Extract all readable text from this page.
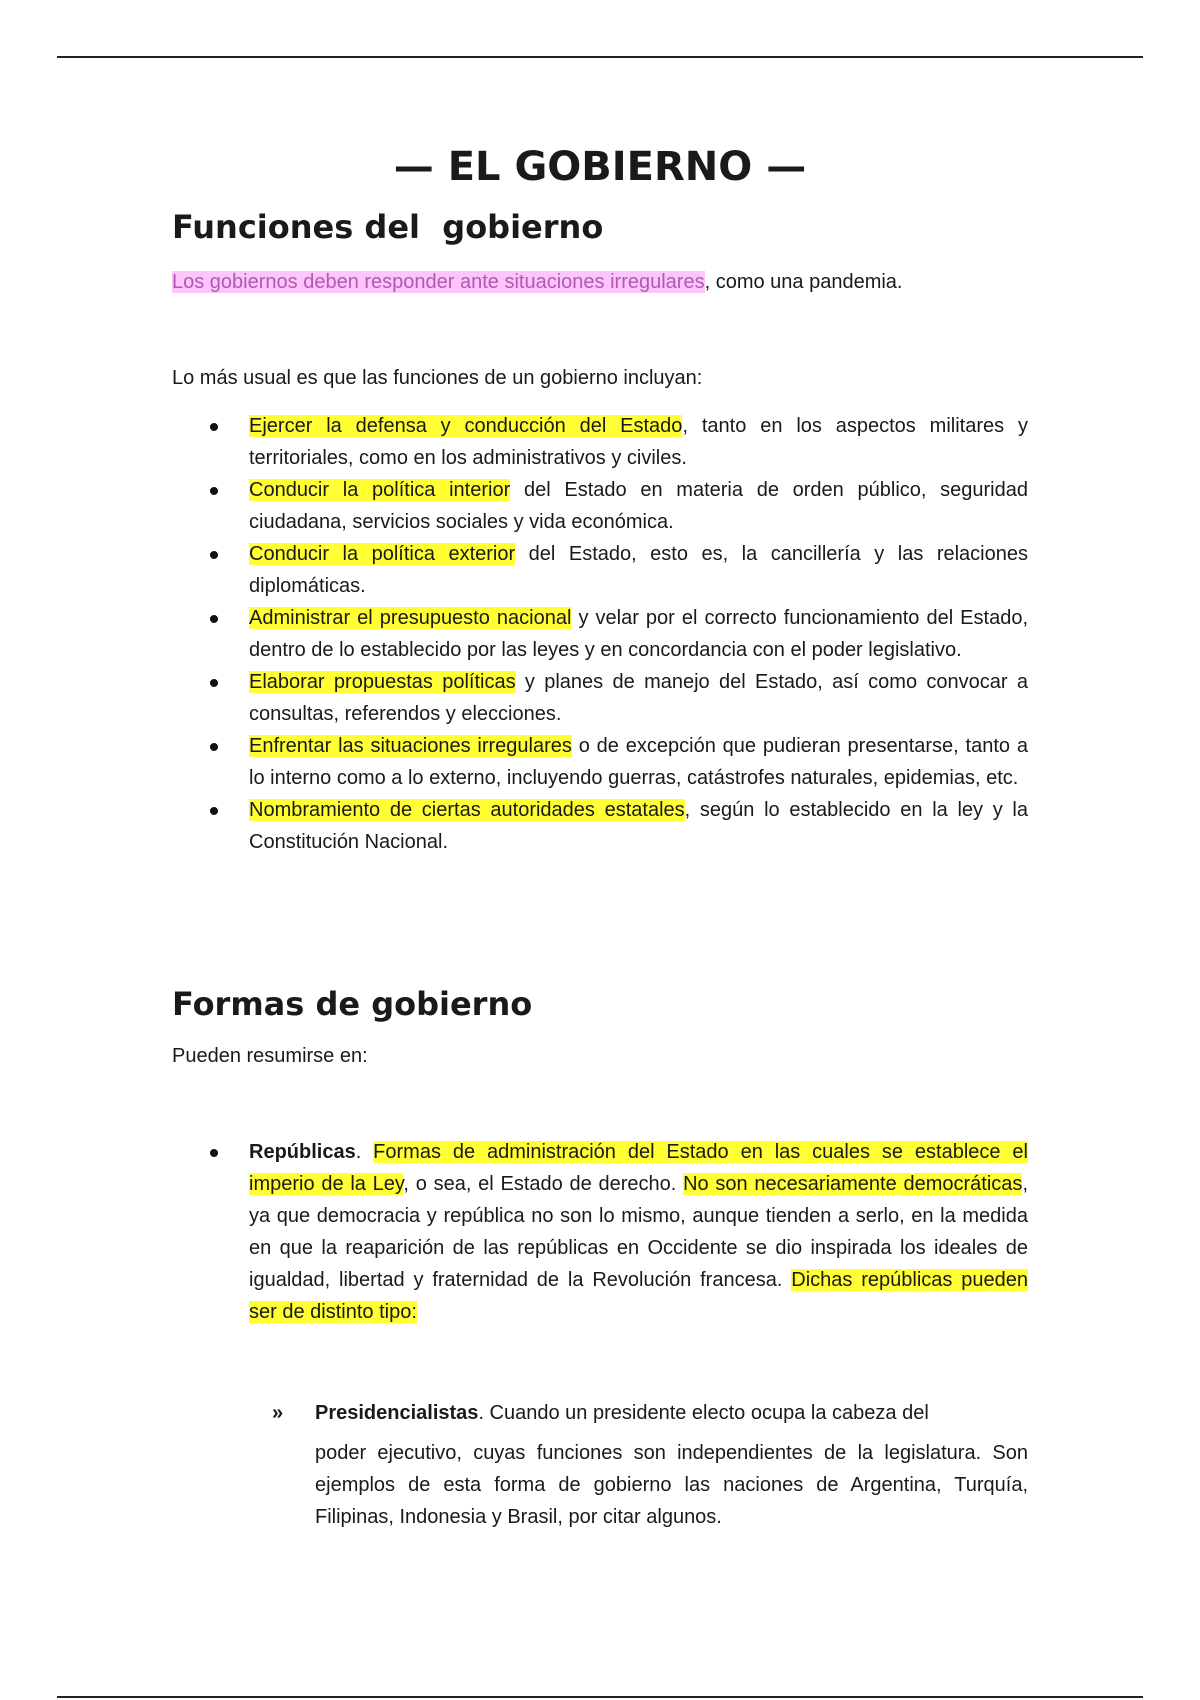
— EL GOBIERNO —
Funciones del  gobierno

Los gobiernos deben responder ante situaciones irregulares, como una pandemia.

Lo más usual es que las funciones de un gobierno incluyan:

Ejercer la defensa y conducción del Estado, tanto en los aspectos militares y territoriales, como en los administrativos y civiles.
Conducir la política interior del Estado en materia de orden público, seguridad ciudadana, servicios sociales y vida económica.
Conducir la política exterior del Estado, esto es, la cancillería y las relaciones diplomáticas.
Administrar el presupuesto nacional y velar por el correcto funcionamiento del Estado, dentro de lo establecido por las leyes y en concordancia con el poder legislativo.
Elaborar propuestas políticas y planes de manejo del Estado, así como convocar a consultas, referendos y elecciones.
Enfrentar las situaciones irregulares o de excepción que pudieran presentarse, tanto a lo interno como a lo externo, incluyendo guerras, catástrofes naturales, epidemias, etc.
Nombramiento de ciertas autoridades estatales, según lo establecido en la ley y la Constitución Nacional.
Formas de gobierno

Pueden resumirse en:

Repúblicas. Formas de administración del Estado en las cuales se establece el imperio de la Ley, o sea, el Estado de derecho. No son necesariamente democráticas, ya que democracia y república no son lo mismo, aunque tienden a serlo, en la medida en que la reaparición de las repúblicas en Occidente se dio inspirada los ideales de igualdad, libertad y fraternidad de la Revolución francesa. Dichas repúblicas pueden ser de distinto tipo:
» Presidencialistas. Cuando un presidente electo ocupa la cabeza del
poder ejecutivo, cuyas funciones son independientes de la legislatura. Son ejemplos de esta forma de gobierno las naciones de Argentina, Turquía, Filipinas, Indonesia y Brasil, por citar algunos.
